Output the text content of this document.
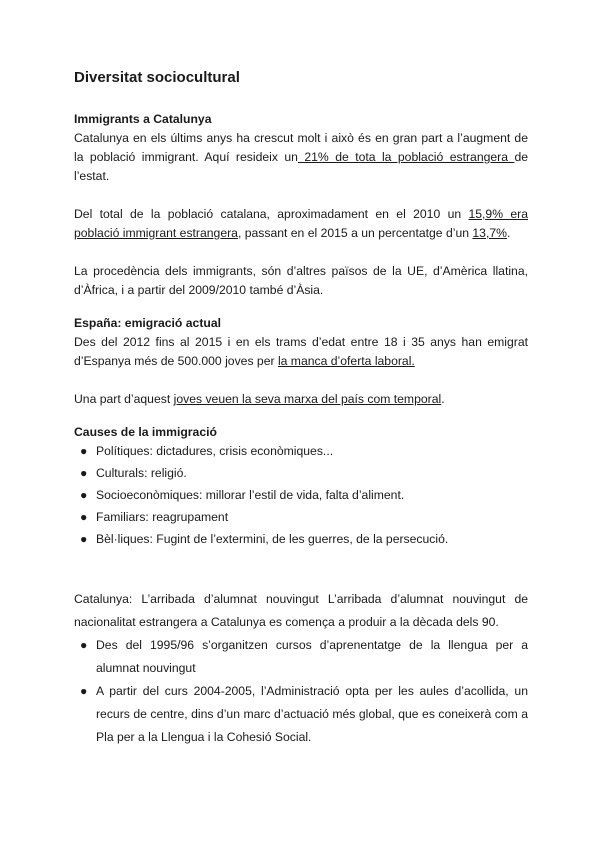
Diversitat sociocultural
Immigrants a Catalunya

Catalunya en els últims anys ha crescut molt i això és en gran part a l’augment de la població immigrant. Aquí resideix un 21% de tota la població estrangera de l’estat.

Del total de la població catalana, aproximadament en el 2010 un 15,9% era població immigrant estrangera, passant en el 2015 a un percentatge d’un 13,7%.

La procedència dels immigrants, són d’altres països de la UE, d’Amèrica llatina, d’Àfrica, i a partir del 2009/2010 també d’Àsia.

España: emigració actual

Des del 2012 fins al 2015 i en els trams d’edat entre 18 i 35 anys han emigrat d’Espanya més de 500.000 joves per la manca d’oferta laboral.

Una part d’aquest joves veuen la seva marxa del país com temporal.

Causes de la immigració
● Polítiques: dictadures, crisis econòmiques...
● Culturals: religió.
● Socioeconòmiques: millorar l’estil de vida, falta d’aliment.
● Familiars: reagrupament
● Bèl·liques: Fugint de l’extermini, de les guerres, de la persecució.

Catalunya: L’arribada d’alumnat nouvingut L’arribada d’alumnat nouvingut de nacionalitat estrangera a Catalunya es comença a produir a la dècada dels 90.

● Des del 1995/96 s’organitzen cursos d’aprenentatge de la llengua per a alumnat nouvingut
● A partir del curs 2004-2005, l’Administració opta per les aules d’acollida, un recurs de centre, dins d’un marc d’actuació més global, que es coneixerà com a Pla per a la Llengua i la Cohesió Social.
